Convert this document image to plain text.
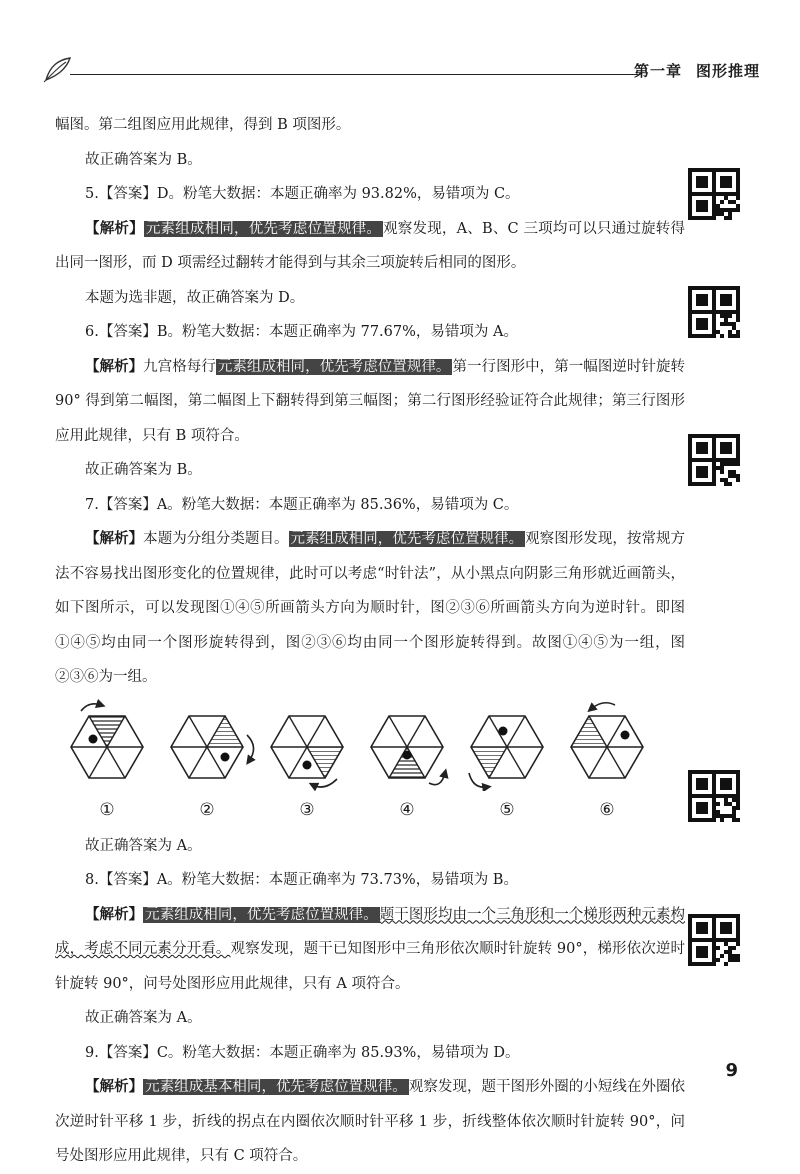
第一章 图形推理

幅图。第二组图应用此规律，得到 B 项图形。

故正确答案为 B。

5.【答案】D。粉笔大数据：本题正确率为 93.82%，易错项为 C。

【解析】 元素组成相同，优先考虑位置规律。 观察发现，A、B、C 三项均可以只通过旋转得出同一图形，而 D 项需经过翻转才能得到与其余三项旋转后相同的图形。

本题为选非题，故正确答案为 D。

6.【答案】B。粉笔大数据：本题正确率为 77.67%，易错项为 A。

【解析】九宫格每行 元素组成相同，优先考虑位置规律。 第一行图形中，第一幅图逆时针旋转 90° 得到第二幅图，第二幅图上下翻转得到第三幅图；第二行图形经验证符合此规律；第三行图形应用此规律，只有 B 项符合。

故正确答案为 B。

7.【答案】A。粉笔大数据：本题正确率为 85.36%，易错项为 C。

【解析】本题为分组分类题目。 元素组成相同，优先考虑位置规律。 观察图形发现，按常规方法不容易找出图形变化的位置规律，此时可以考虑“时针法”，从小黑点向阴影三角形就近画箭头，如下图所示，可以发现图①④⑤所画箭头方向为顺时针，图②③⑥所画箭头方向为逆时针。即图①④⑤均由同一个图形旋转得到，图②③⑥均由同一个图形旋转得到。故图①④⑤为一组，图②③⑥为一组。

①	②	③	④	⑤	⑥

故正确答案为 A。

8.【答案】A。粉笔大数据：本题正确率为 73.73%，易错项为 B。

【解析】 元素组成相同，优先考虑位置规律。 题干图形均由一个三角形和一个梯形两种元素构成，考虑不同元素分开看。观察发现，题干已知图形中三角形依次顺时针旋转 90°，梯形依次逆时针旋转 90°，问号处图形应用此规律，只有 A 项符合。

故正确答案为 A。

9.【答案】C。粉笔大数据：本题正确率为 85.93%，易错项为 D。

【解析】 元素组成基本相同，优先考虑位置规律。 观察发现，题干图形外圈的小短线在外圈依次逆时针平移 1 步，折线的拐点在内圈依次顺时针平移 1 步，折线整体依次顺时针旋转 90°，问号处图形应用此规律，只有 C 项符合。

9
